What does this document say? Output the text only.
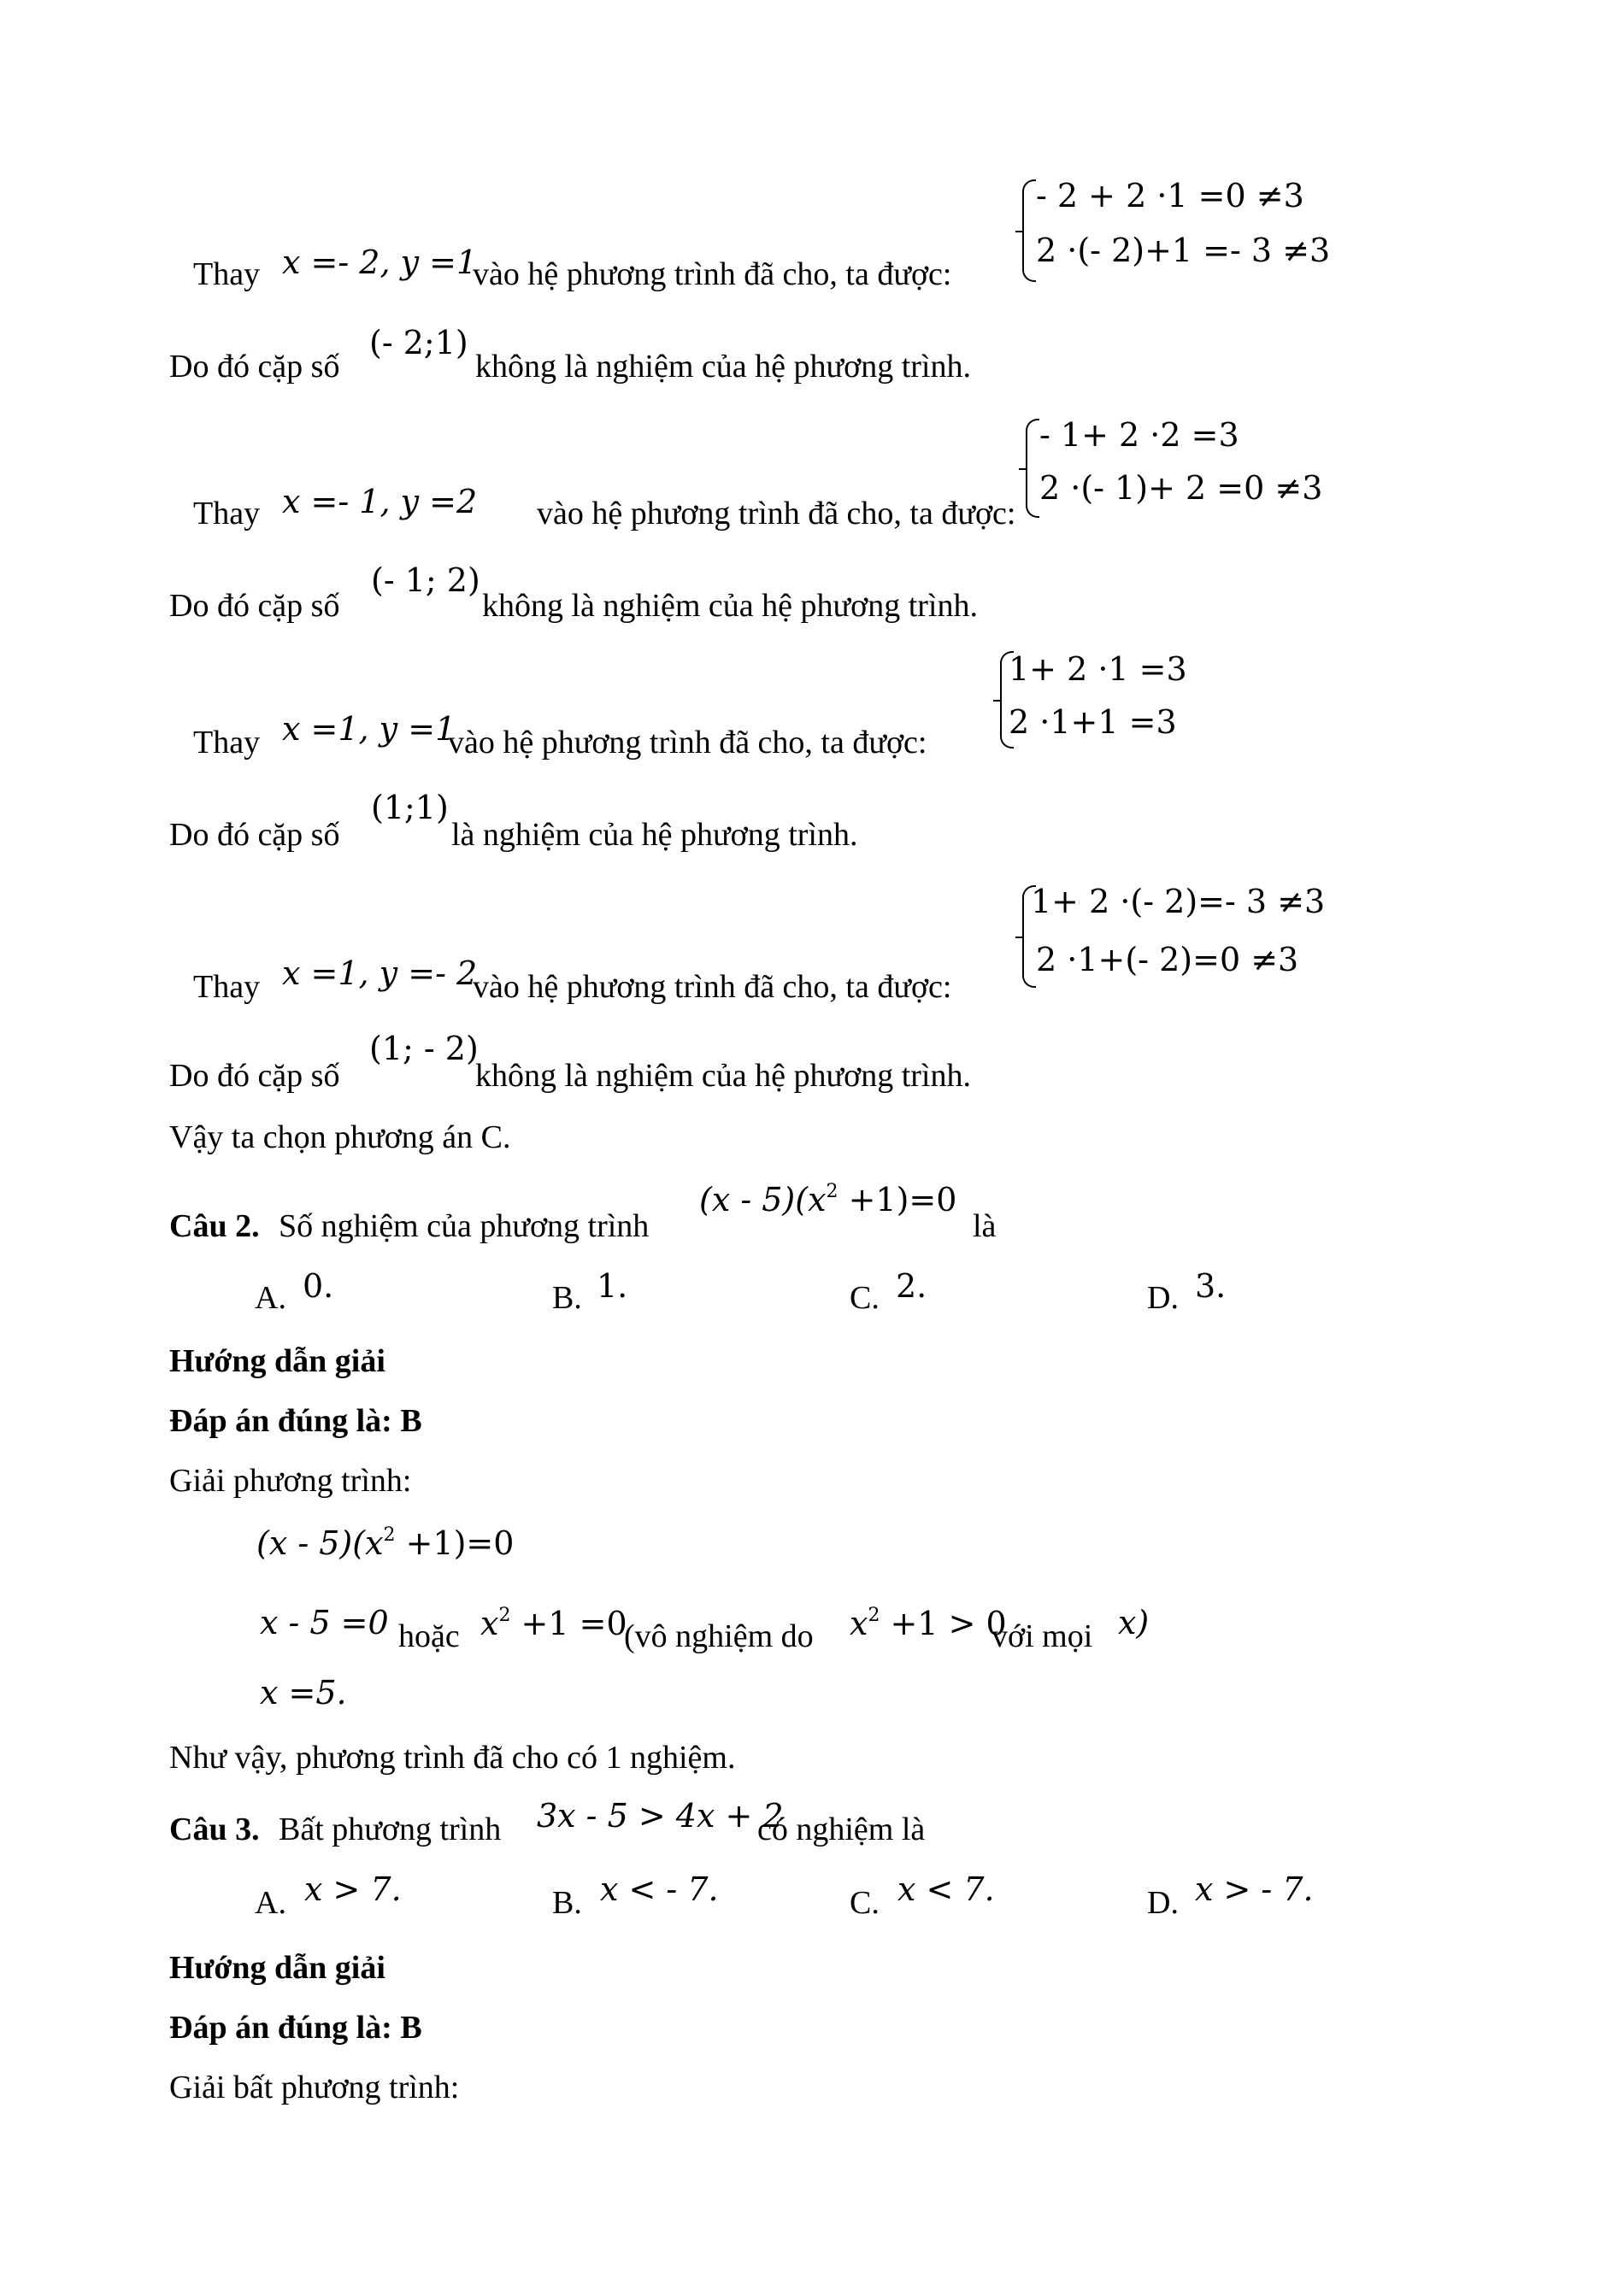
Thay x =- 2, y =1
vào hệ phương trình đã cho, ta được:
- 2 + 2 ·1 =0 ≠3
2 ·(- 2)+1 =- 3 ≠3
Do đó cặp số
(- 2;1)
không là nghiệm của hệ phương trình.
Thay x =- 1, y =2 vào hệ phương trình đã cho, ta được:
- 1+ 2 ·2 =3
2 ·(- 1)+ 2 =0 ≠3
Do đó cặp số
(- 1; 2)
không là nghiệm của hệ phương trình.
Thay x =1, y =1
vào hệ phương trình đã cho, ta được:
1+ 2 ·1 =3
2 ·1+1 =3
Do đó cặp số
(1;1)
là nghiệm của hệ phương trình.
Thay x =1, y =- 2
vào hệ phương trình đã cho, ta được:
1+ 2 ·(- 2)=- 3 ≠3
2 ·1+(- 2)=0 ≠3
Do đó cặp số
(1; - 2)
không là nghiệm của hệ phương trình.
Vậy ta chọn phương án C.
Câu 2. Số nghiệm của phương trình
$(x - 5)(x^2 +1)=0$
là
A. 0.	B. 1.	C. 2.	D. 3.
Hướng dẫn giải
Đáp án đúng là: B
Giải phương trình:
$(x - 5)(x^2 +1)=0$
x - 5 =0 hoặc $x^2 +1 =0$
(vô nghiệm do $x^2 +1 > 0$
với mọi x)
x =5.
Như vậy, phương trình đã cho có 1 nghiệm.
Câu 3. Bất phương trình 3x - 5 > 4x + 2
có nghiệm là
A. x > 7.	B. x < - 7.	C. x < 7.	D. x > - 7.
Hướng dẫn giải
Đáp án đúng là: B
Giải bất phương trình:
